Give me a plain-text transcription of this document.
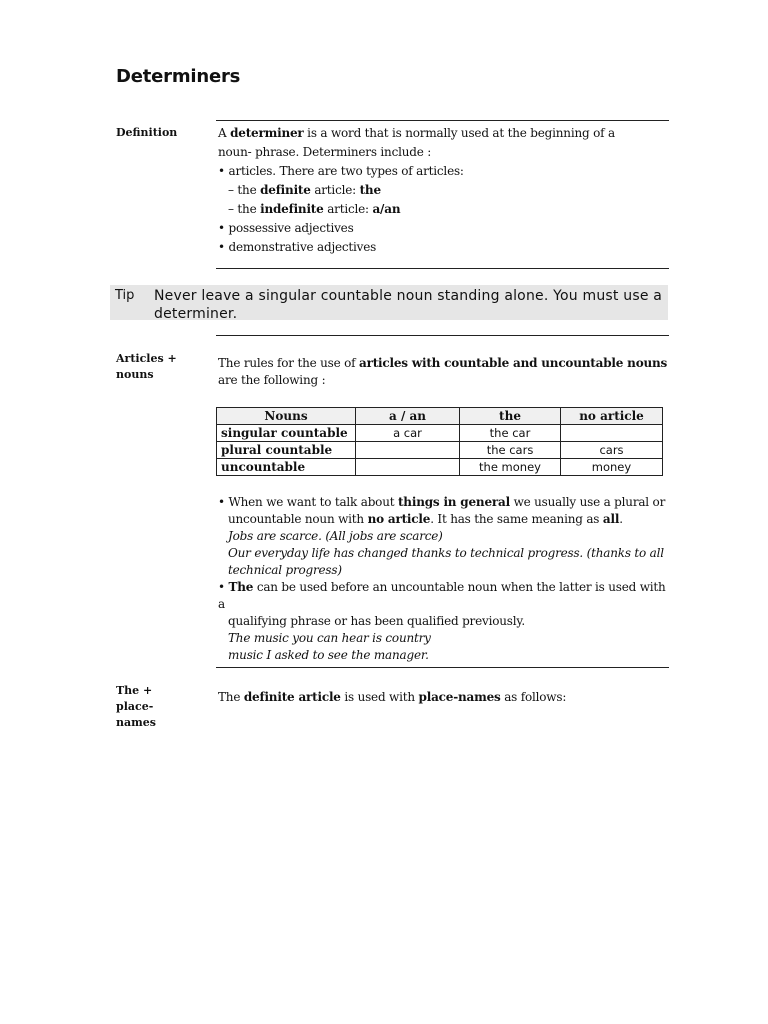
Determiners
Definition	A determiner is a word that is normally used at the beginning of a

noun- phrase. Determiners include :

• articles. There are two types of articles:

– the definite article: the

– the indefinite article: a/an

• possessive adjectives

• demonstrative adjectives

Tip Never leave a singular countable noun standing alone. You must use a determiner.
Articles +
nouns

The rules for the use of articles with countable and uncountable nouns

are the following :

Nouns	a / an	the	no article
singular countable	a car	the car	
plural countable		the cars	cars
uncountable		the money	money

• When we want to talk about things in general we usually use a plural or

uncountable noun with no article. It has the same meaning as all.

Jobs are scarce. (All jobs are scarce)

Our everyday life has changed thanks to technical progress. (thanks to all

technical progress)

• The can be used before an uncountable noun when the latter is used with a

qualifying phrase or has been qualified previously.

The music you can hear is country

music I asked to see the manager.

The +
place-
names

The definite article is used with place-names as follows:
